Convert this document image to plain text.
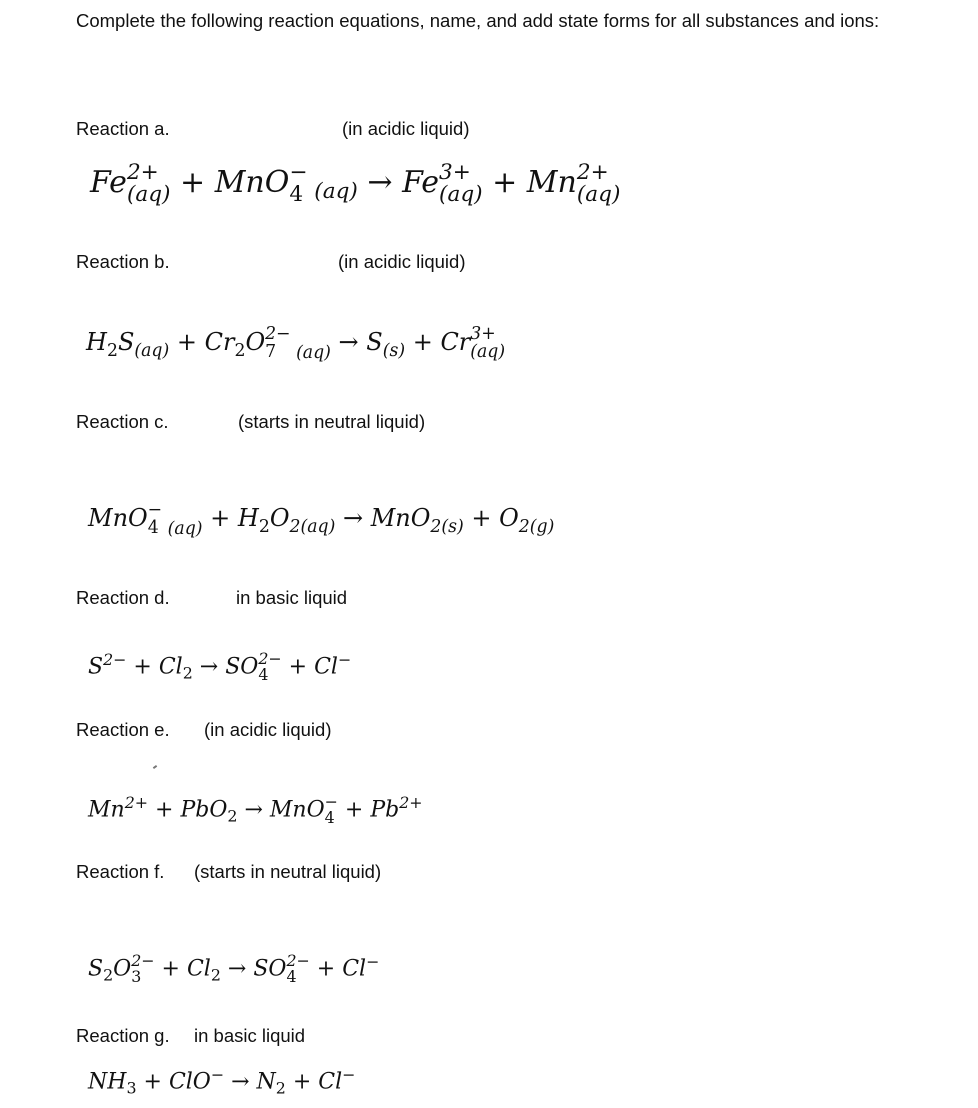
Complete the following reaction equations, name, and add state forms for all substances and ions:
Reaction a.	(in acidic liquid)
Fe 2+
(aq) + MnO −
4 $_{(aq)}$ → Fe 3+
(aq) + Mn 2+
(aq)
Reaction b.	(in acidic liquid)
$H_2S_{(aq)} + Cr_2O$ 2−
7 $_{(aq)} \to S_{(s)} + Cr$ 3+
(aq)
Reaction c.	(starts in neutral liquid)
MnO −
4 $_{(aq)} + H_2O_{2(aq)} \to MnO_{2(s)} + O_{2(g)}$
Reaction d.	in basic liquid
$S^{2-} + Cl_2$ → SO 2−
4 + Cl−
Reaction e. (in acidic liquid)
$Mn^{2+} + PbO_2$ → MnO −
$4 + Pb^{2+}$
Reaction f. (starts in neutral liquid)
$S_2O$ 2−
$3 + Cl_2$ → SO 2−
4 + Cl−
Reaction g. in basic liquid
$NH_3 + ClO^- \to N_2 + Cl^-$
